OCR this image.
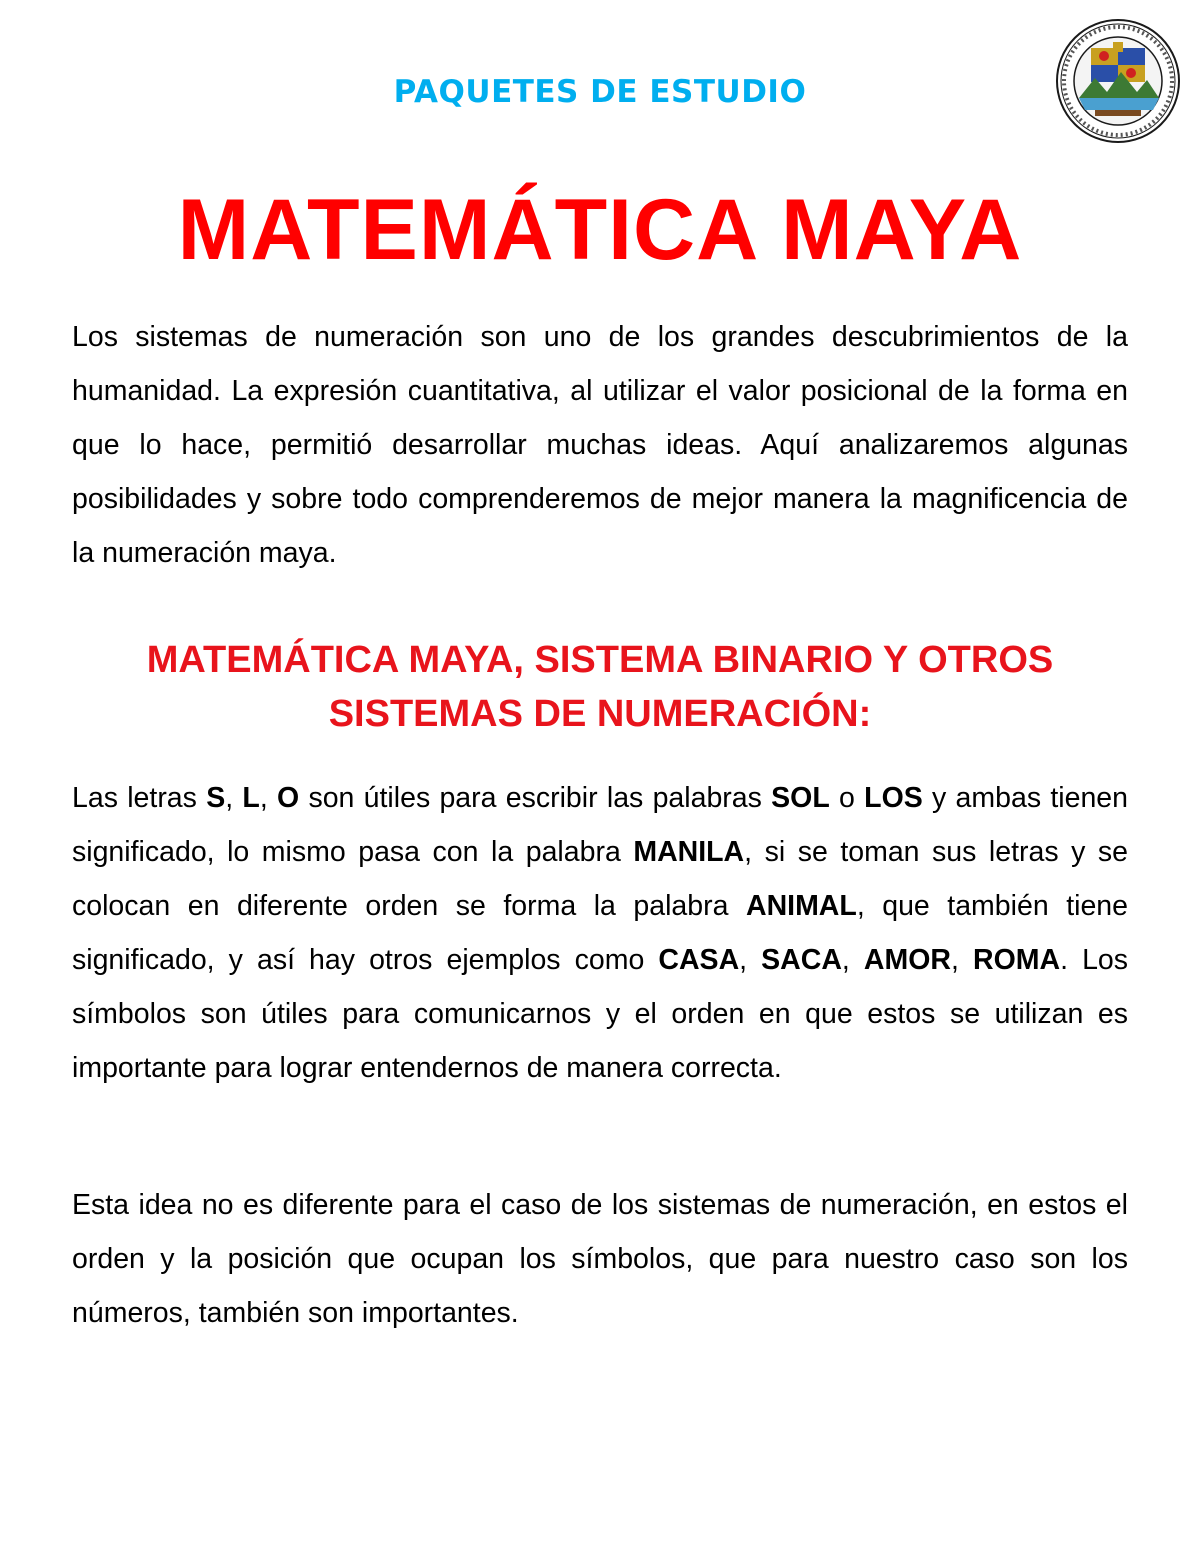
PAQUETES DE ESTUDIO
MATEMÁTICA MAYA

Los sistemas de numeración son uno de los grandes descubrimientos de la humanidad. La expresión cuantitativa, al utilizar el valor posicional de la forma en que lo hace, permitió desarrollar muchas ideas. Aquí analizaremos algunas posibilidades y sobre todo comprenderemos de mejor manera la magnificencia de la numeración maya.

MATEMÁTICA MAYA, SISTEMA BINARIO Y OTROS
SISTEMAS DE NUMERACIÓN:

Las letras S, L, O son útiles para escribir las palabras SOL o LOS y ambas tienen significado, lo mismo pasa con la palabra MANILA, si se toman sus letras y se colocan en diferente orden se forma la palabra ANIMAL, que también tiene significado, y así hay otros ejemplos como CASA, SACA, AMOR, ROMA. Los símbolos son útiles para comunicarnos y el orden en que estos se utilizan es importante para lograr entendernos de manera correcta.

Esta idea no es diferente para el caso de los sistemas de numeración, en estos el orden y la posición que ocupan los símbolos, que para nuestro caso son los números, también son importantes.
